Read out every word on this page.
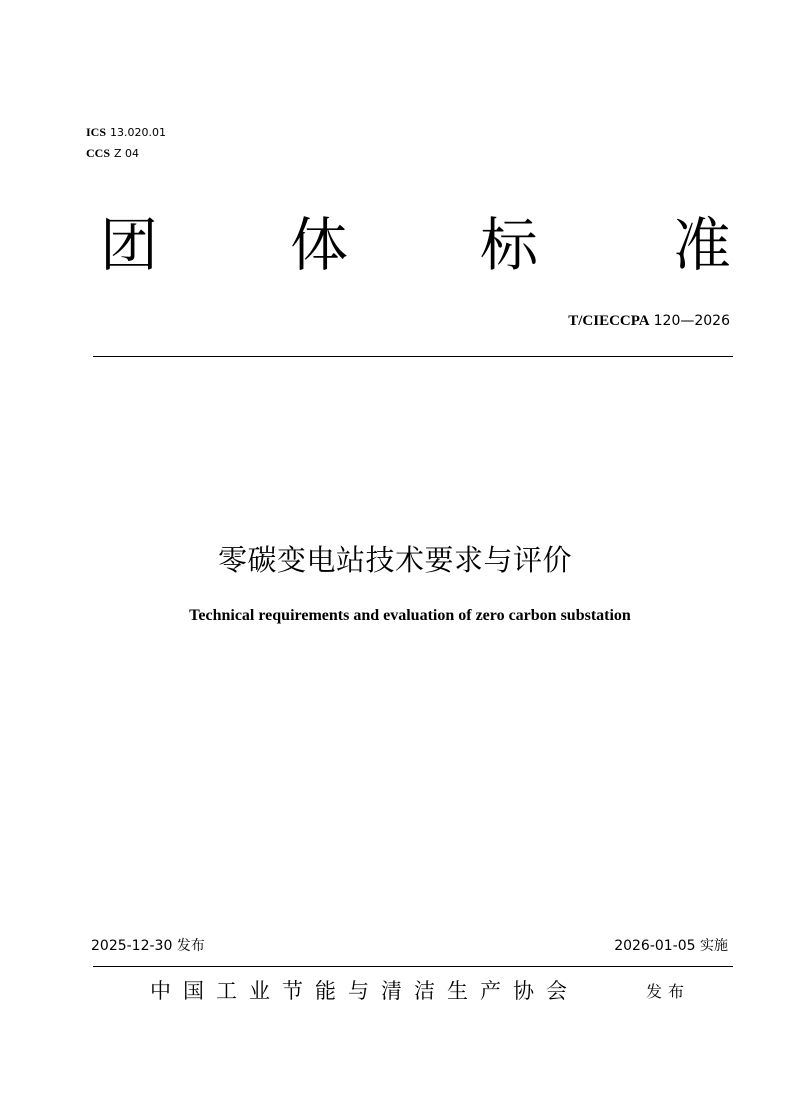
ICS 13.020.01
CCS Z 04
团 体 标 准
T/CIECCPA 120—2026
零碳变电站技术要求与评价
Technical requirements and evaluation of zero carbon substation
2025-12-30 发布	2026-01-05 实施
中国工业节能与清洁生产协会	发布
